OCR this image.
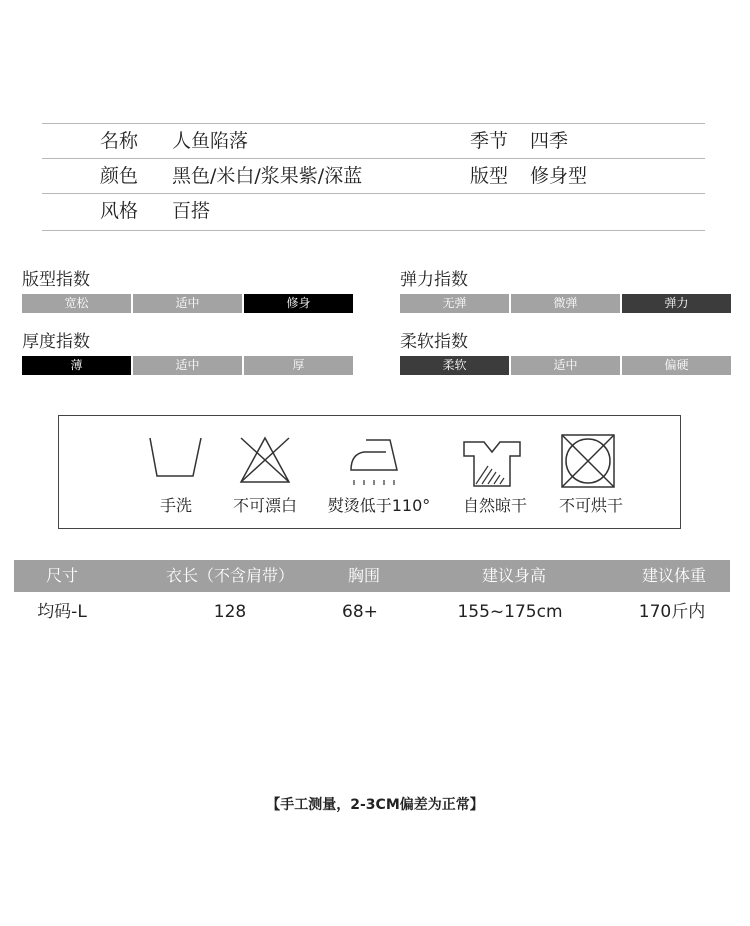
名称 人鱼陷落	季节 四季
颜色 黑色/米白/浆果紫/深蓝	版型 修身型
风格 百搭
版型指数
宽松	适中	修身
弹力指数
无弹	微弹	弹力
厚度指数
薄	适中	厚
柔软指数
柔软	适中	偏硬
手洗	不可漂白	熨烫低于110°	自然晾干	不可烘干
尺寸	衣长（不含肩带）	胸围	建议身高	建议体重
均码-L	128	68+	155~175cm	170斤内
【手工测量，2-3CM偏差为正常】
